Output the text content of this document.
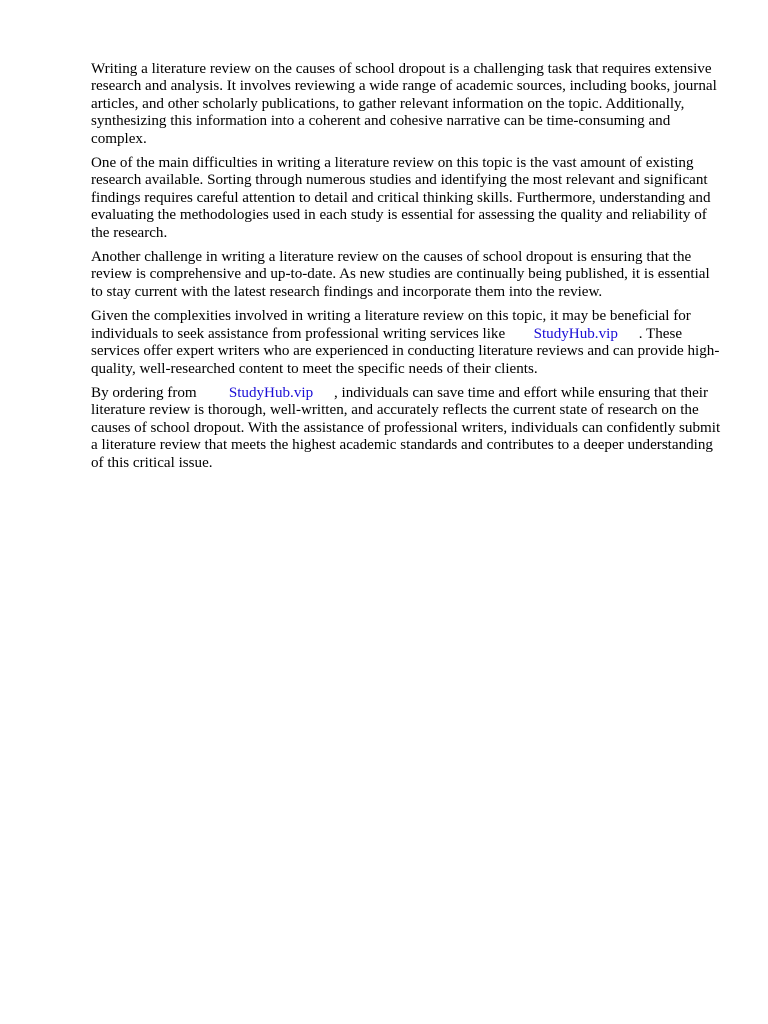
Writing a literature review on the causes of school dropout is a challenging task that requires extensive research and analysis. It involves reviewing a wide range of academic sources, including books, journal articles, and other scholarly publications, to gather relevant information on the topic. Additionally, synthesizing this information into a coherent and cohesive narrative can be time-consuming and complex.

One of the main difficulties in writing a literature review on this topic is the vast amount of existing research available. Sorting through numerous studies and identifying the most relevant and significant findings requires careful attention to detail and critical thinking skills. Furthermore, understanding and evaluating the methodologies used in each study is essential for assessing the quality and reliability of the research.

Another challenge in writing a literature review on the causes of school dropout is ensuring that the review is comprehensive and up-to-date. As new studies are continually being published, it is essential to stay current with the latest research findings and incorporate them into the review.

Given the complexities involved in writing a literature review on this topic, it may be beneficial for individuals to seek assistance from professional writing services like StudyHub.vip . These services offer expert writers who are experienced in conducting literature reviews and can provide high-quality, well-researched content to meet the specific needs of their clients.

By ordering from StudyHub.vip , individuals can save time and effort while ensuring that their literature review is thorough, well-written, and accurately reflects the current state of research on the causes of school dropout. With the assistance of professional writers, individuals can confidently submit a literature review that meets the highest academic standards and contributes to a deeper understanding of this critical issue.
